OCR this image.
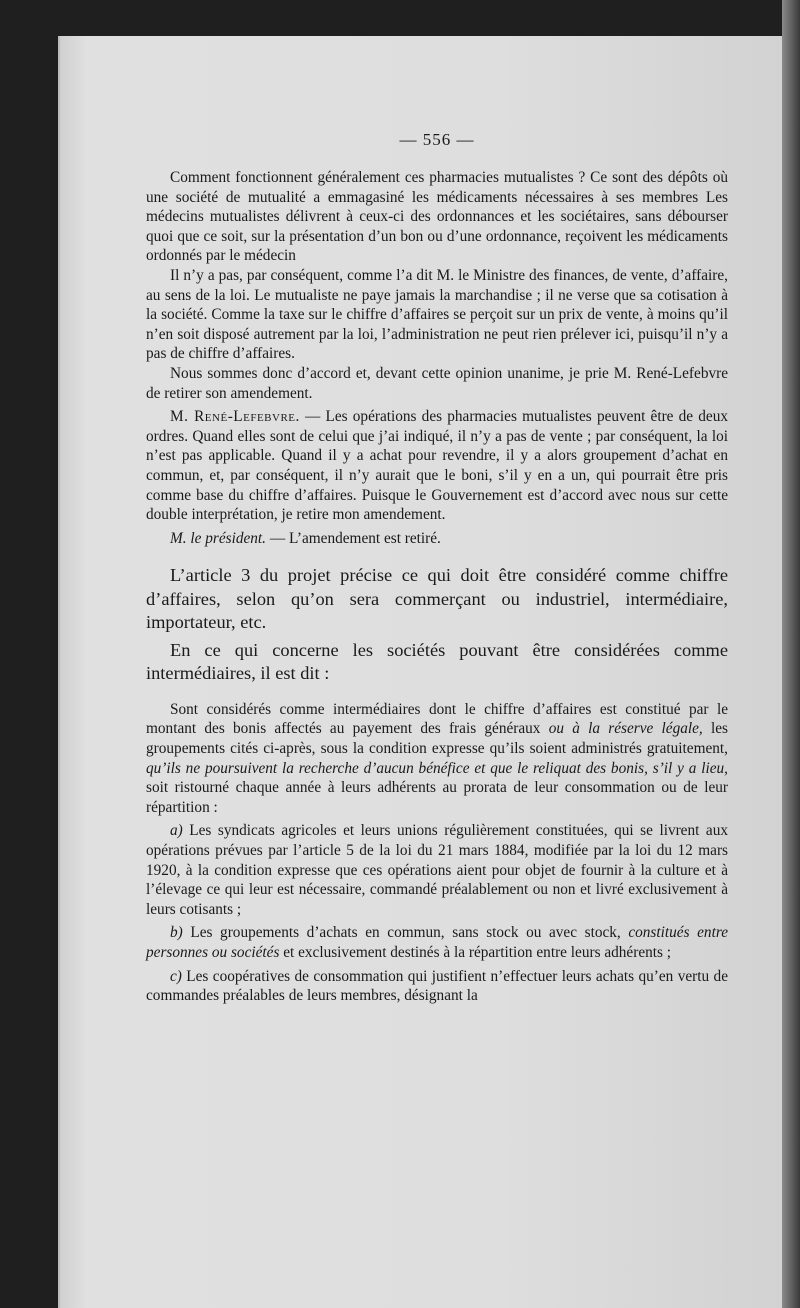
— 556 —

Comment fonctionnent généralement ces pharmacies mutualistes ? Ce sont des dépôts où une société de mutualité a emmagasiné les médicaments nécessaires à ses membres Les médecins mutualistes délivrent à ceux-ci des ordonnances et les sociétaires, sans débourser quoi que ce soit, sur la présentation d’un bon ou d’une ordonnance, reçoivent les médicaments ordonnés par le médecin

Il n’y a pas, par conséquent, comme l’a dit M. le Ministre des finances, de vente, d’affaire, au sens de la loi. Le mutualiste ne paye jamais la marchandise ; il ne verse que sa cotisation à la société. Comme la taxe sur le chiffre d’affaires se perçoit sur un prix de vente, à moins qu’il n’en soit disposé autrement par la loi, l’administration ne peut rien prélever ici, puisqu’il n’y a pas de chiffre d’affaires.

Nous sommes donc d’accord et, devant cette opinion unanime, je prie M. René-Lefebvre de retirer son amendement.

M. René-Lefebvre. — Les opérations des pharmacies mutualistes peuvent être de deux ordres. Quand elles sont de celui que j’ai indiqué, il n’y a pas de vente ; par conséquent, la loi n’est pas applicable. Quand il y a achat pour revendre, il y a alors groupement d’achat en commun, et, par conséquent, il n’y aurait que le boni, s’il y en a un, qui pourrait être pris comme base du chiffre d’affaires. Puisque le Gouvernement est d’accord avec nous sur cette double interprétation, je retire mon amendement.

M. le président. — L’amendement est retiré.

L’article 3 du projet précise ce qui doit être considéré comme chiffre d’affaires, selon qu’on sera commerçant ou industriel, intermédiaire, importateur, etc.

En ce qui concerne les sociétés pouvant être considérées comme intermédiaires, il est dit :

Sont considérés comme intermédiaires dont le chiffre d’affaires est constitué par le montant des bonis affectés au payement des frais généraux ou à la réserve légale, les groupements cités ci-après, sous la condition expresse qu’ils soient administrés gratuitement, qu’ils ne poursuivent la recherche d’aucun bénéfice et que le reliquat des bonis, s’il y a lieu, soit ristourné chaque année à leurs adhérents au prorata de leur consommation ou de leur répartition :

a) Les syndicats agricoles et leurs unions régulièrement constituées, qui se livrent aux opérations prévues par l’article 5 de la loi du 21 mars 1884, modifiée par la loi du 12 mars 1920, à la condition expresse que ces opérations aient pour objet de fournir à la culture et à l’élevage ce qui leur est nécessaire, commandé préalablement ou non et livré exclusivement à leurs cotisants ;

b) Les groupements d’achats en commun, sans stock ou avec stock, constitués entre personnes ou sociétés et exclusivement destinés à la répartition entre leurs adhérents ;

c) Les coopératives de consommation qui justifient n’effectuer leurs achats qu’en vertu de commandes préalables de leurs membres, désignant la
